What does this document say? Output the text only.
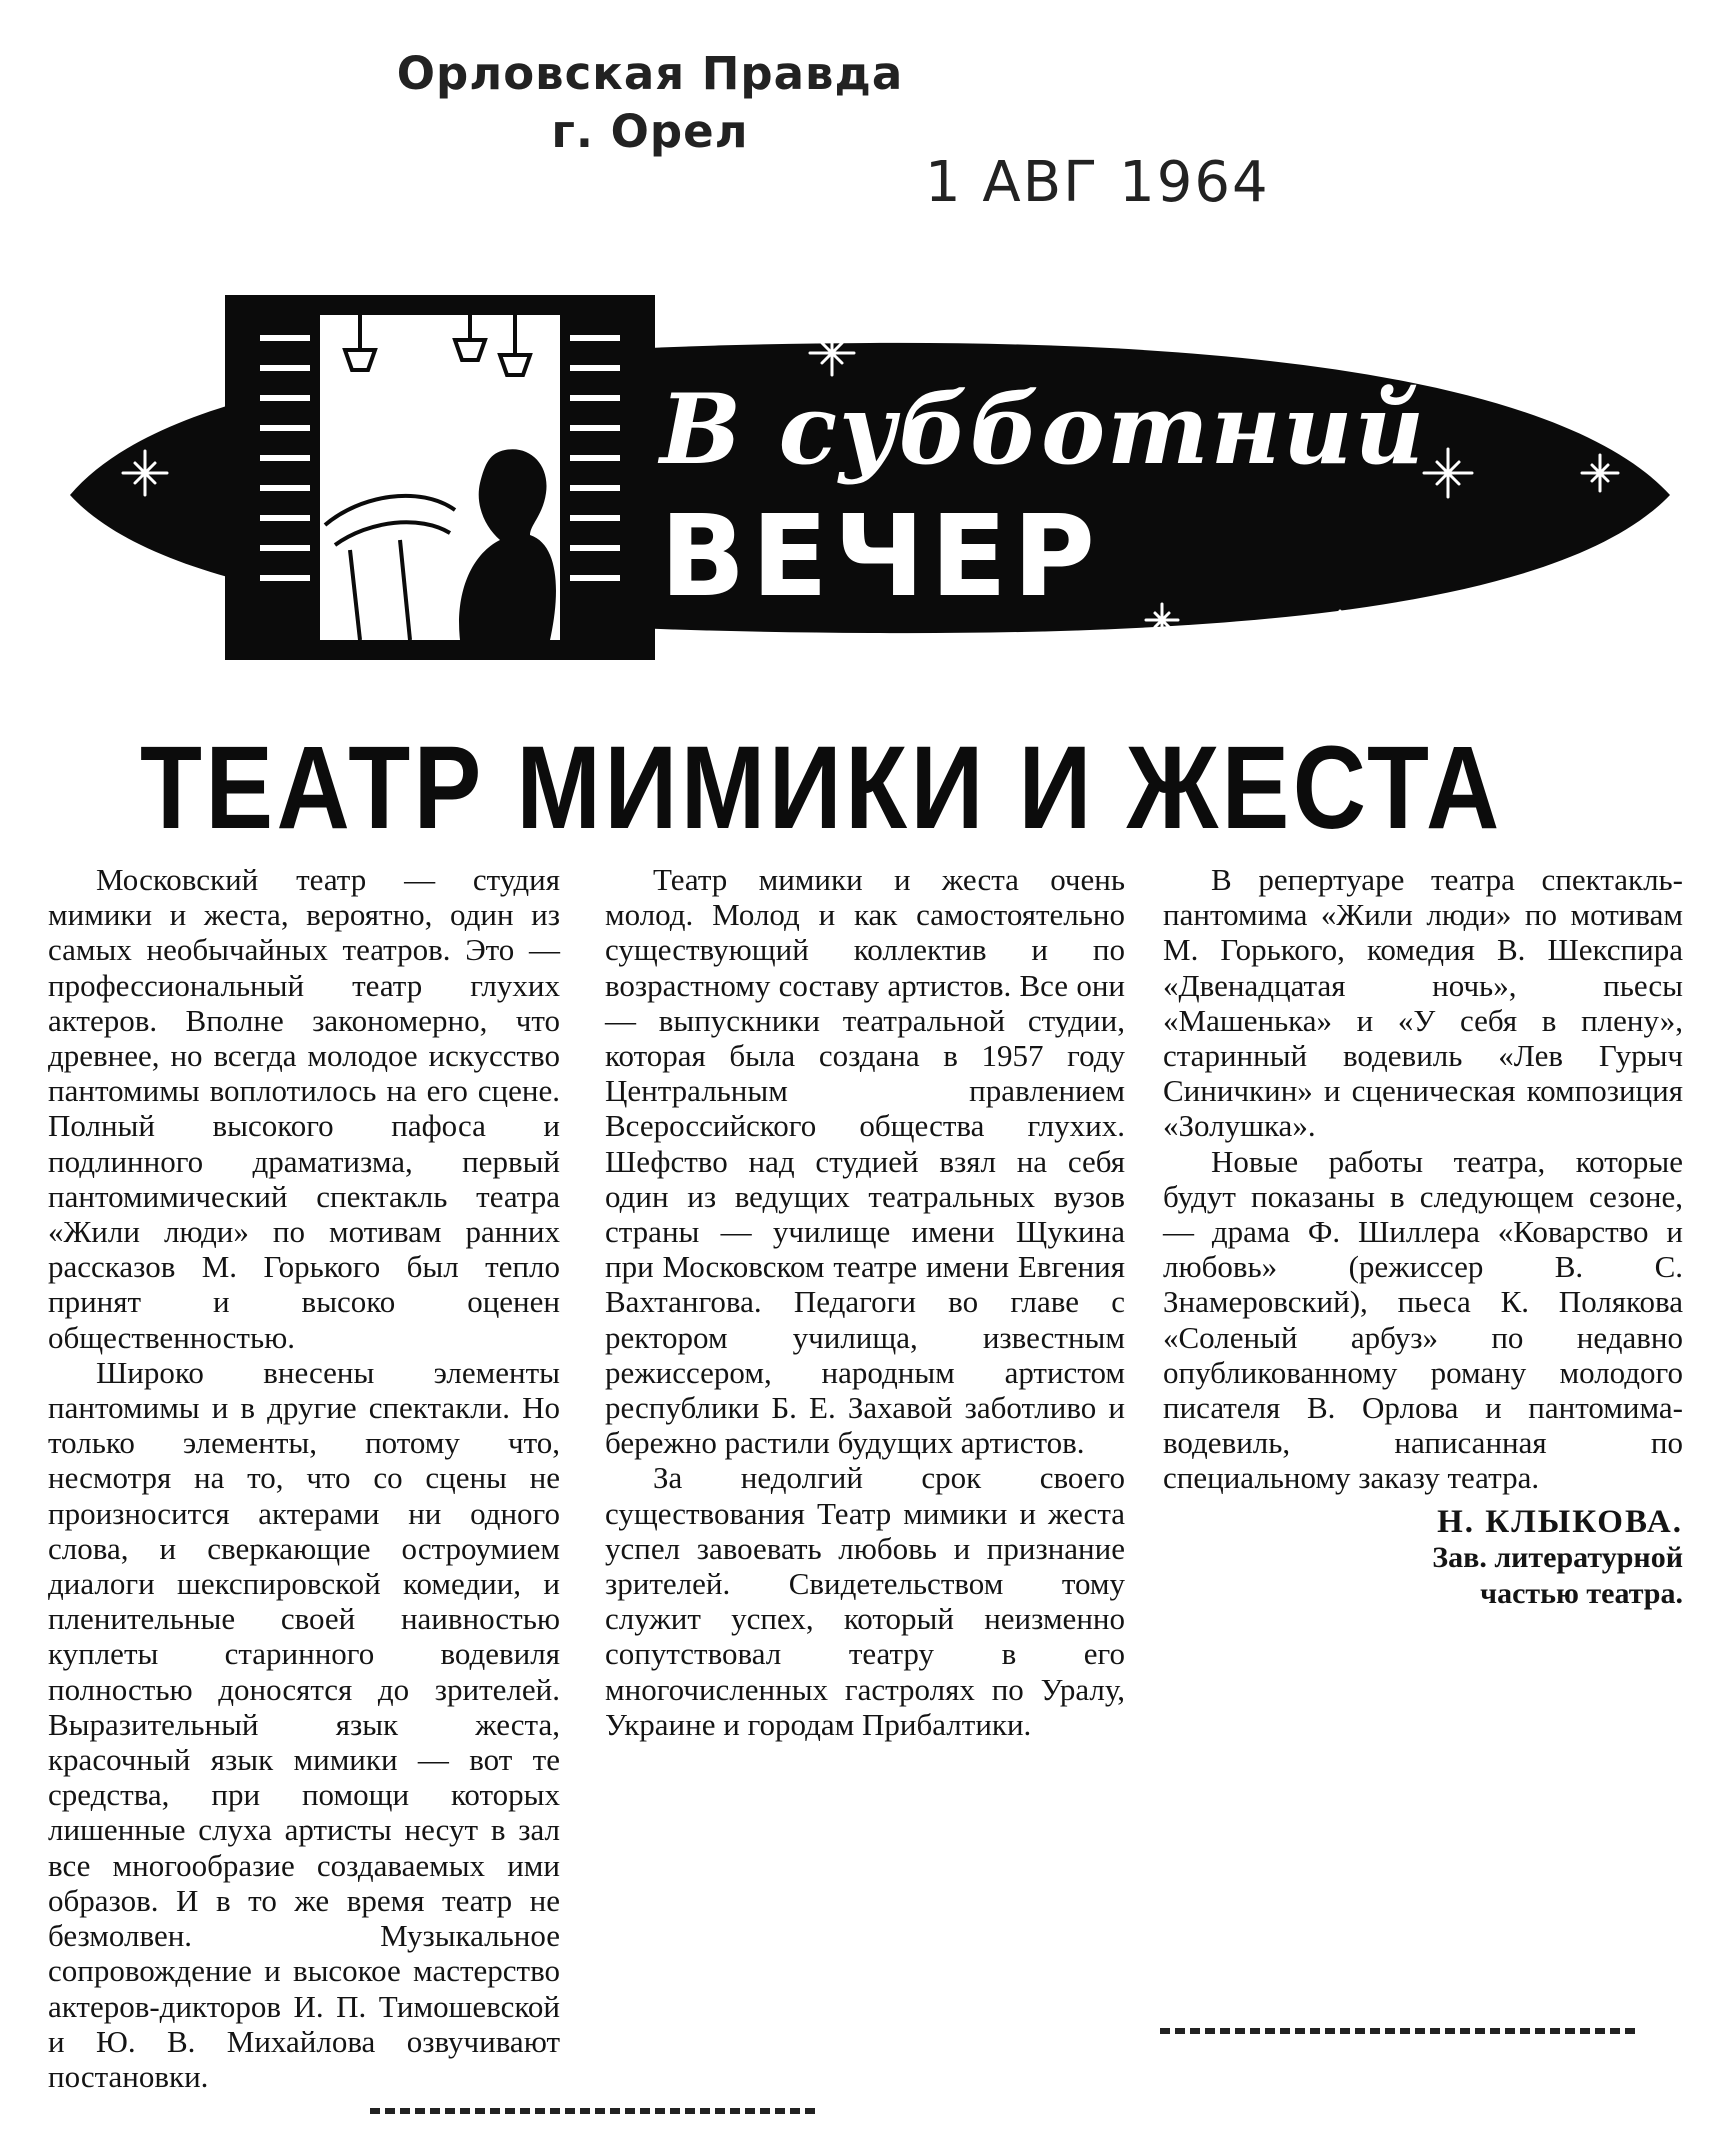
Орловская Правда
г. Орел
1 АВГ 1964
В субботний
ВЕЧЕР
ТЕАТР МИМИКИ И ЖЕСТА

Московский театр — студия мимики и жеста, вероятно, один из самых необычайных театров. Это — профессиональный театр глухих актеров. Вполне закономерно, что древнее, но всегда молодое искусство пантомимы воплотилось на его сцене. Полный высокого пафоса и подлинного драматизма, первый пантомимический спектакль театра «Жили люди» по мотивам ранних рассказов М. Горького был тепло принят и высоко оценен общественностью.

Широко внесены элементы пантомимы и в другие спектакли. Но только элементы, потому что, несмотря на то, что со сцены не произносится актерами ни одного слова, и сверкающие остроумием диалоги шекспировской комедии, и пленительные своей наивностью куплеты старинного водевиля полностью доносятся до зрителей. Выразительный язык жеста, красочный язык мимики — вот те средства, при помощи которых лишенные слуха артисты несут в зал все многообразие создаваемых ими образов. И в то же время театр не безмолвен. Музыкальное сопровождение и высокое мастерство актеров-дикторов И. П. Тимошевской и Ю. В. Михайлова озвучивают постановки.

Театр мимики и жеста очень молод. Молод и как самостоятельно существующий коллектив и по возрастному составу артистов. Все они — выпускники театральной студии, которая была создана в 1957 году Центральным правлением Всероссийского общества глухих. Шефство над студией взял на себя один из ведущих театральных вузов страны — училище имени Щукина при Московском театре имени Евгения Вахтангова. Педагоги во главе с ректором училища, известным режиссером, народным артистом республики Б. Е. Захавой заботливо и бережно растили будущих артистов.

За недолгий срок своего существования Театр мимики и жеста успел завоевать любовь и признание зрителей. Свидетельством тому служит успех, который неизменно сопутствовал театру в его многочисленных гастролях по Уралу, Украине и городам Прибалтики.

В репертуаре театра спектакль-пантомима «Жили люди» по мотивам М. Горького, комедия В. Шекспира «Двенадцатая ночь», пьесы «Машенька» и «У себя в плену», старинный водевиль «Лев Гурыч Синичкин» и сценическая композиция «Золушка».

Новые работы театра, которые будут показаны в следующем сезоне, — драма Ф. Шиллера «Коварство и любовь» (режиссер В. С. Знамеровский), пьеса К. Полякова «Соленый арбуз» по недавно опубликованному роману молодого писателя В. Орлова и пантомима-водевиль, написанная по специальному заказу театра.

Н. КЛЫКОВА.
Зав. литературной
частью театра.
